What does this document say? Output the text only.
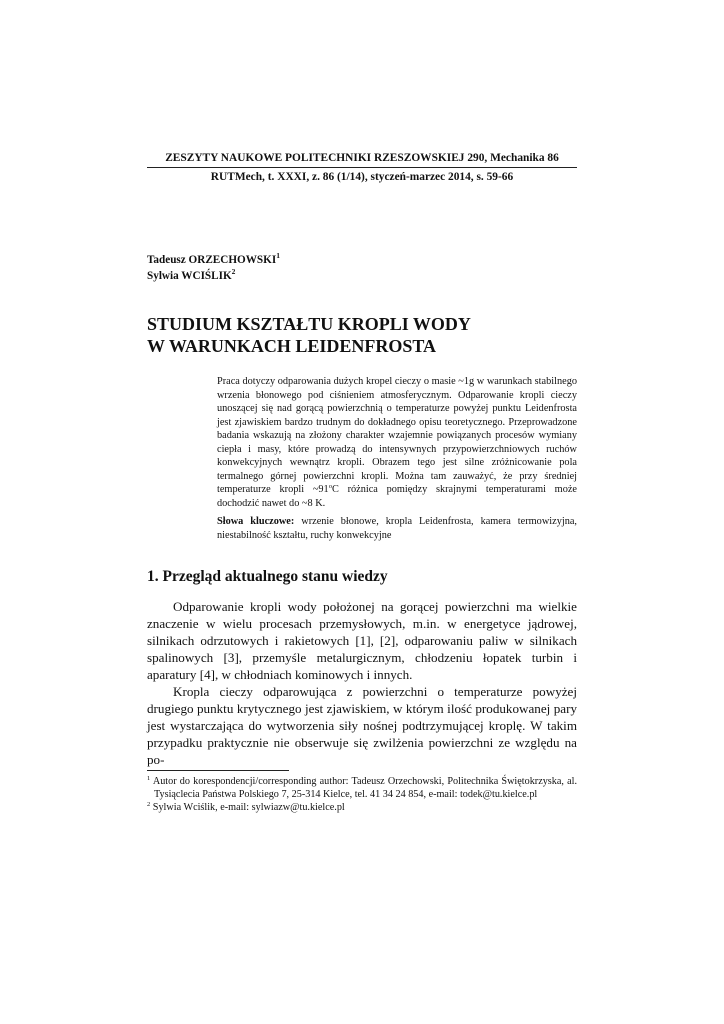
ZESZYTY NAUKOWE POLITECHNIKI RZESZOWSKIEJ 290, Mechanika 86
RUTMech, t. XXXI, z. 86 (1/14), styczeń-marzec 2014, s. 59-66
Tadeusz ORZECHOWSKI$^1$
Sylwia WCIŚLIK$^2$
STUDIUM KSZTAŁTU KROPLI WODY
W WARUNKACH LEIDENFROSTA

Praca dotyczy odparowania dużych kropel cieczy o masie ~1g w warunkach stabilnego wrzenia błonowego pod ciśnieniem atmosferycznym. Odparowanie kropli cieczy unoszącej się nad gorącą powierzchnią o temperaturze powyżej punktu Leidenfrosta jest zjawiskiem bardzo trudnym do dokładnego opisu teoretycznego. Przeprowadzone badania wskazują na złożony charakter wzajemnie powiązanych procesów wymiany ciepła i masy, które prowadzą do intensywnych przypowierzchniowych ruchów konwekcyjnych wewnątrz kropli. Obrazem tego jest silne zróżnicowanie pola termalnego górnej powierzchni kropli. Można tam zauważyć, że przy średniej temperaturze kropli ~91$^o$C różnica pomiędzy skrajnymi temperaturami może dochodzić nawet do ~8 K.

Słowa kluczowe: wrzenie błonowe, kropla Leidenfrosta, kamera termowizyjna, niestabilność kształtu, ruchy konwekcyjne
1. Przegląd aktualnego stanu wiedzy

Odparowanie kropli wody położonej na gorącej powierzchni ma wielkie znaczenie w wielu procesach przemysłowych, m.in. w energetyce jądrowej, silnikach odrzutowych i rakietowych [1], [2], odparowaniu paliw w silnikach spalinowych [3], przemyśle metalurgicznym, chłodzeniu łopatek turbin i aparatury [4], w chłodniach kominowych i innych.

Kropla cieczy odparowująca z powierzchni o temperaturze powyżej drugiego punktu krytycznego jest zjawiskiem, w którym ilość produkowanej pary jest wystarczająca do wytworzenia siły nośnej podtrzymującej kroplę. W takim przypadku praktycznie nie obserwuje się zwilżenia powierzchni ze względu na po-

$^1$ Autor do korespondencji/corresponding author: Tadeusz Orzechowski, Politechnika Świętokrzyska, al. Tysiąclecia Państwa Polskiego 7, 25-314 Kielce, tel. 41 34 24 854, e-mail: todek@tu.kielce.pl

$^2$ Sylwia Wciślik, e-mail: sylwiazw@tu.kielce.pl
